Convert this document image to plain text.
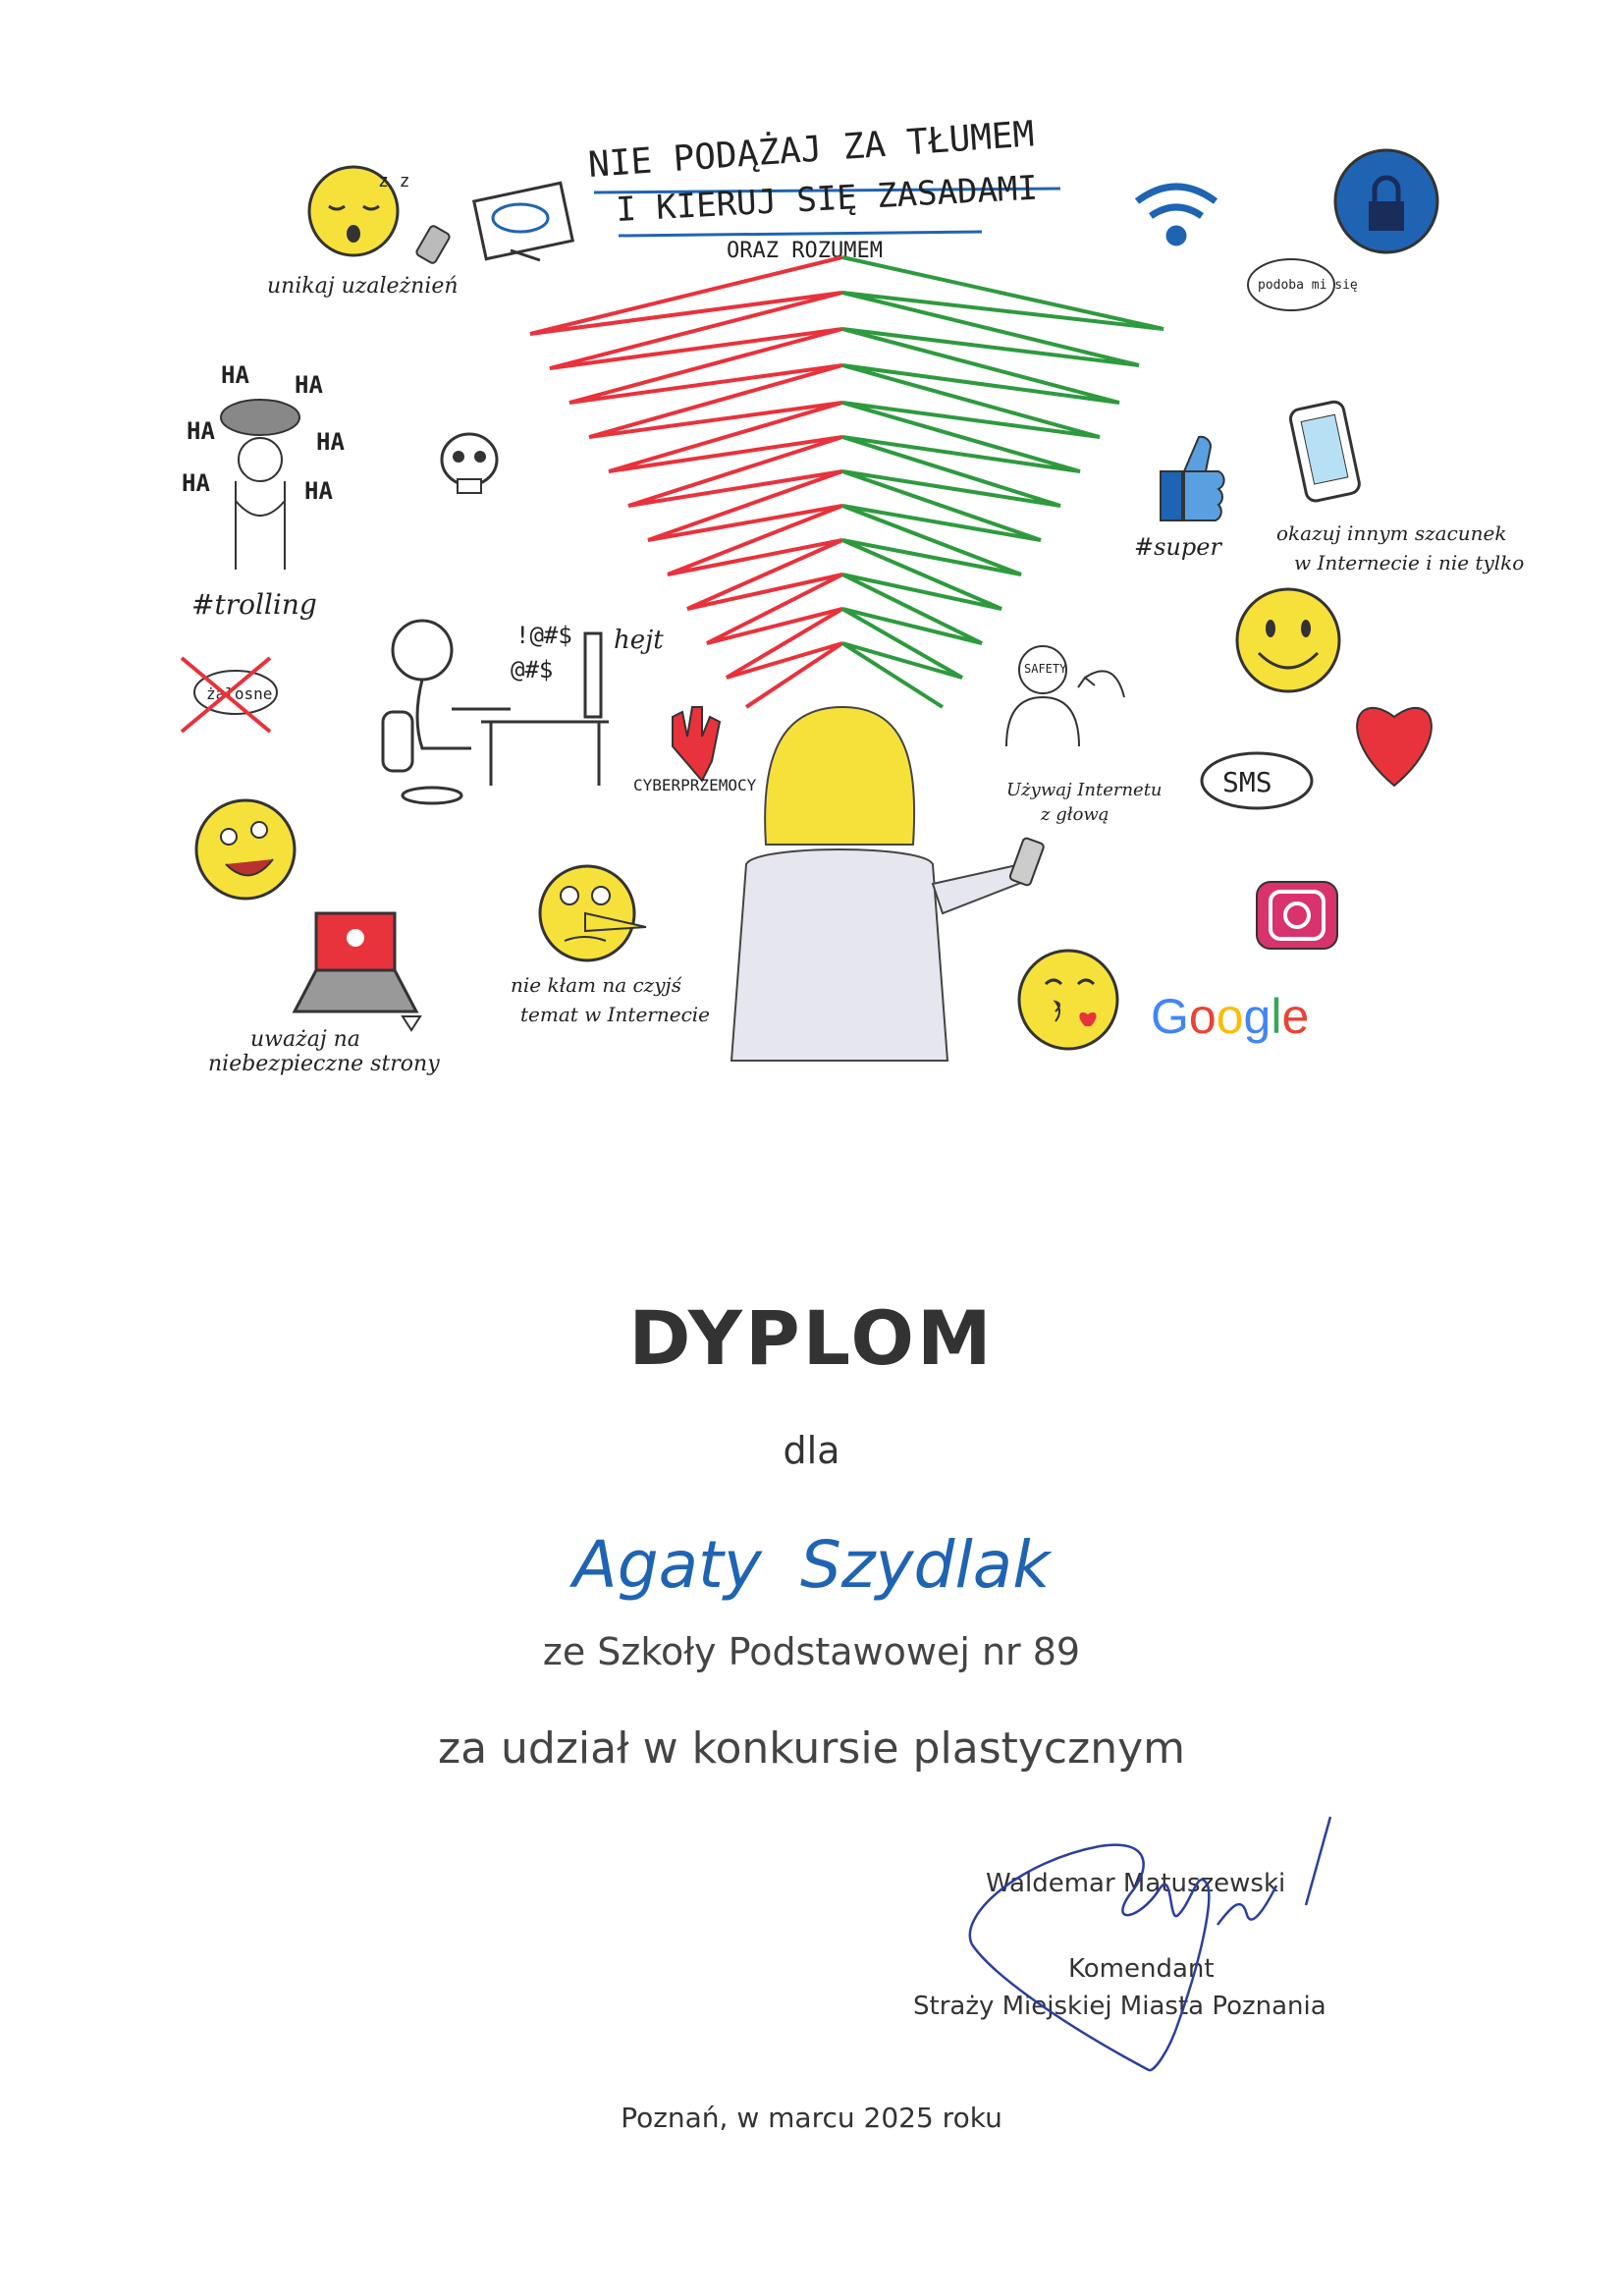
NIE PODĄŻAJ ZA TŁUMEM
I KIERUJ SIĘ ZASADAMI
ORAZ ROZUMEM
z z
unikaj uzależnień	podoba mi się
HA HA
HA	HA
HA	HA
#trolling
żałosne
!@#$
@#$
hejt
CYBERPRZEMOCY
#super	okazuj innym szacunek
w Internecie i nie tylko
SAFETY
Używaj Internetu
z głową
SMS
uważaj na
niebezpieczne strony
nie kłam na czyjś
temat w Internecie	Google
DYPLOM
dla
Agaty Szydlak
ze Szkoły Podstawowej nr 89
za udział w konkursie plastycznym
Waldemar Matuszewski
Komendant
Straży Miejskiej Miasta Poznania
Poznań, w marcu 2025 roku
